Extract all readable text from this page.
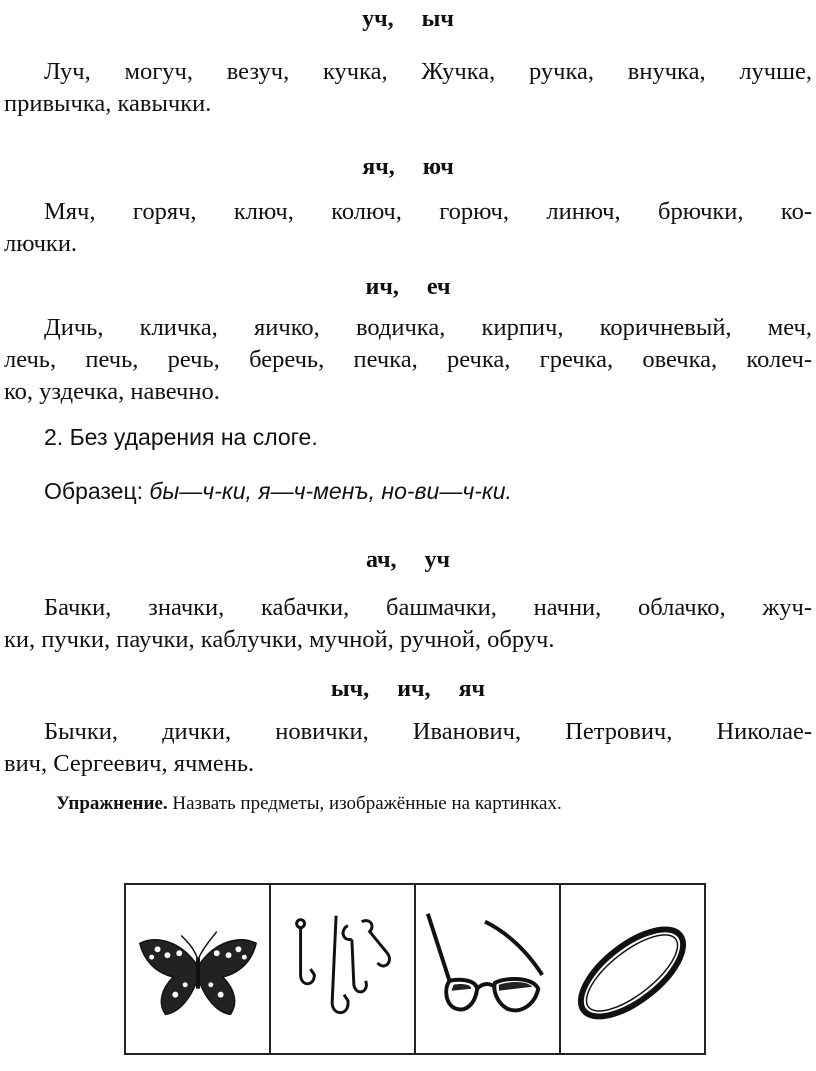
уч, ыч
Луч, могуч, везуч, кучка, Жучка, ручка, внучка, лучше,
привычка, кавычки.
яч, юч
Мяч, горяч, ключ, колюч, горюч, линюч, брючки, ко-
лючки.
ич, еч
Дичь, кличка, яичко, водичка, кирпич, коричневый, меч,
лечь, печь, речь, беречь, печка, речка, гречка, овечка, колеч-
ко, уздечка, навечно.
2. Без ударения на слоге.
Образец: бы—ч-ки, я—ч-менъ, но-ви—ч-ки.
ач, уч
Бачки, значки, кабачки, башмачки, начни, облачко, жуч-
ки, пучки, паучки, каблучки, мучной, ручной, обруч.
ыч, ич, яч
Бычки, дички, новички, Иванович, Петрович, Николае-
вич, Сергеевич, ячмень.
Упражнение. Назвать предметы, изображённые на картинках.
